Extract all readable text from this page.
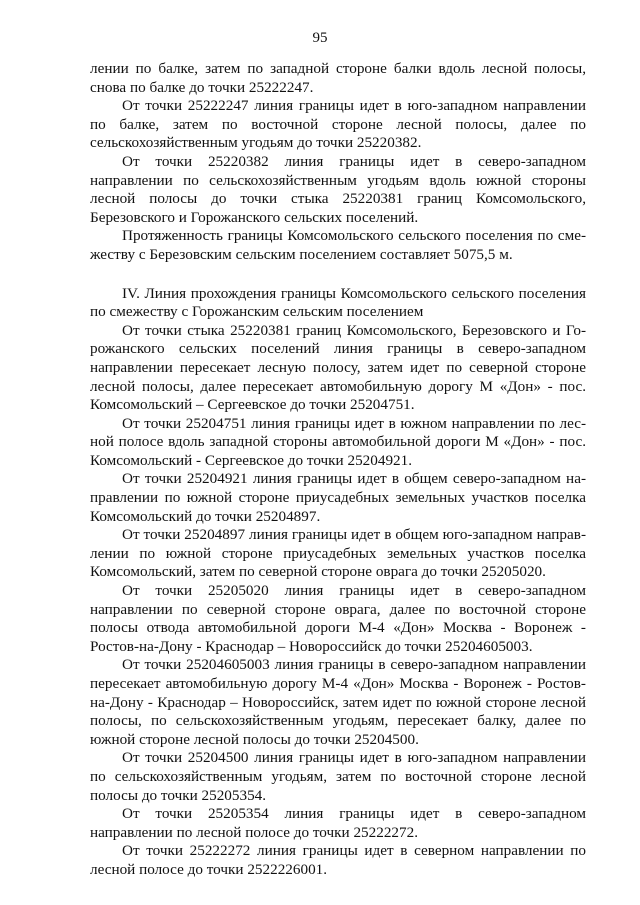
95

лении по балке, затем по западной стороне балки вдоль лесной полосы, снова по балке до точки 25222247.

От точки 25222247 линия границы идет в юго-западном направлении по балке, затем по восточной стороне лесной полосы, далее по сельскохозяйственным угодьям до точки 25220382.

От точки 25220382 линия границы идет в северо-западном направлении по сельскохозяйственным угодьям вдоль южной стороны лесной полосы до точки стыка 25220381 границ Комсомольского, Березовского и Горожанского сельских поселений.

Протяженность границы Комсомольского сельского поселения по смежеству с Березовским сельским поселением составляет 5075,5 м.

IV. Линия прохождения границы Комсомольского сельского поселения по смежеству с Горожанским сельским поселением

От точки стыка 25220381 границ Комсомольского, Березовского и Горожанского сельских поселений линия границы в северо-западном направлении пересекает лесную полосу, затем идет по северной стороне лесной полосы, далее пересекает автомобильную дорогу М «Дон» - пос. Комсомольский – Сергеевское до точки 25204751.

От точки 25204751 линия границы идет в южном направлении по лесной полосе вдоль западной стороны автомобильной дороги М «Дон» - пос. Комсомольский - Сергеевское до точки 25204921.

От точки 25204921 линия границы идет в общем северо-западном направлении по южной стороне приусадебных земельных участков поселка Комсомольский до точки 25204897.

От точки 25204897 линия границы идет в общем юго-западном направлении по южной стороне приусадебных земельных участков поселка Комсомольский, затем по северной стороне оврага до точки 25205020.

От точки 25205020 линия границы идет в северо-западном направлении по северной стороне оврага, далее по восточной стороне полосы отвода автомобильной дороги М-4 «Дон» Москва - Воронеж - Ростов-на-Дону - Краснодар – Новороссийск до точки 25204605003.

От точки 25204605003 линия границы в северо-западном направлении пересекает автомобильную дорогу М-4 «Дон» Москва - Воронеж - Ростов-на-Дону - Краснодар – Новороссийск, затем идет по южной стороне лесной полосы, по сельскохозяйственным угодьям, пересекает балку, далее по южной стороне лесной полосы до точки 25204500.

От точки 25204500 линия границы идет в юго-западном направлении по сельскохозяйственным угодьям, затем по восточной стороне лесной полосы до точки 25205354.

От точки 25205354 линия границы идет в северо-западном направлении по лесной полосе до точки 25222272.

От точки 25222272 линия границы идет в северном направлении по лесной полосе до точки 2522226001.
